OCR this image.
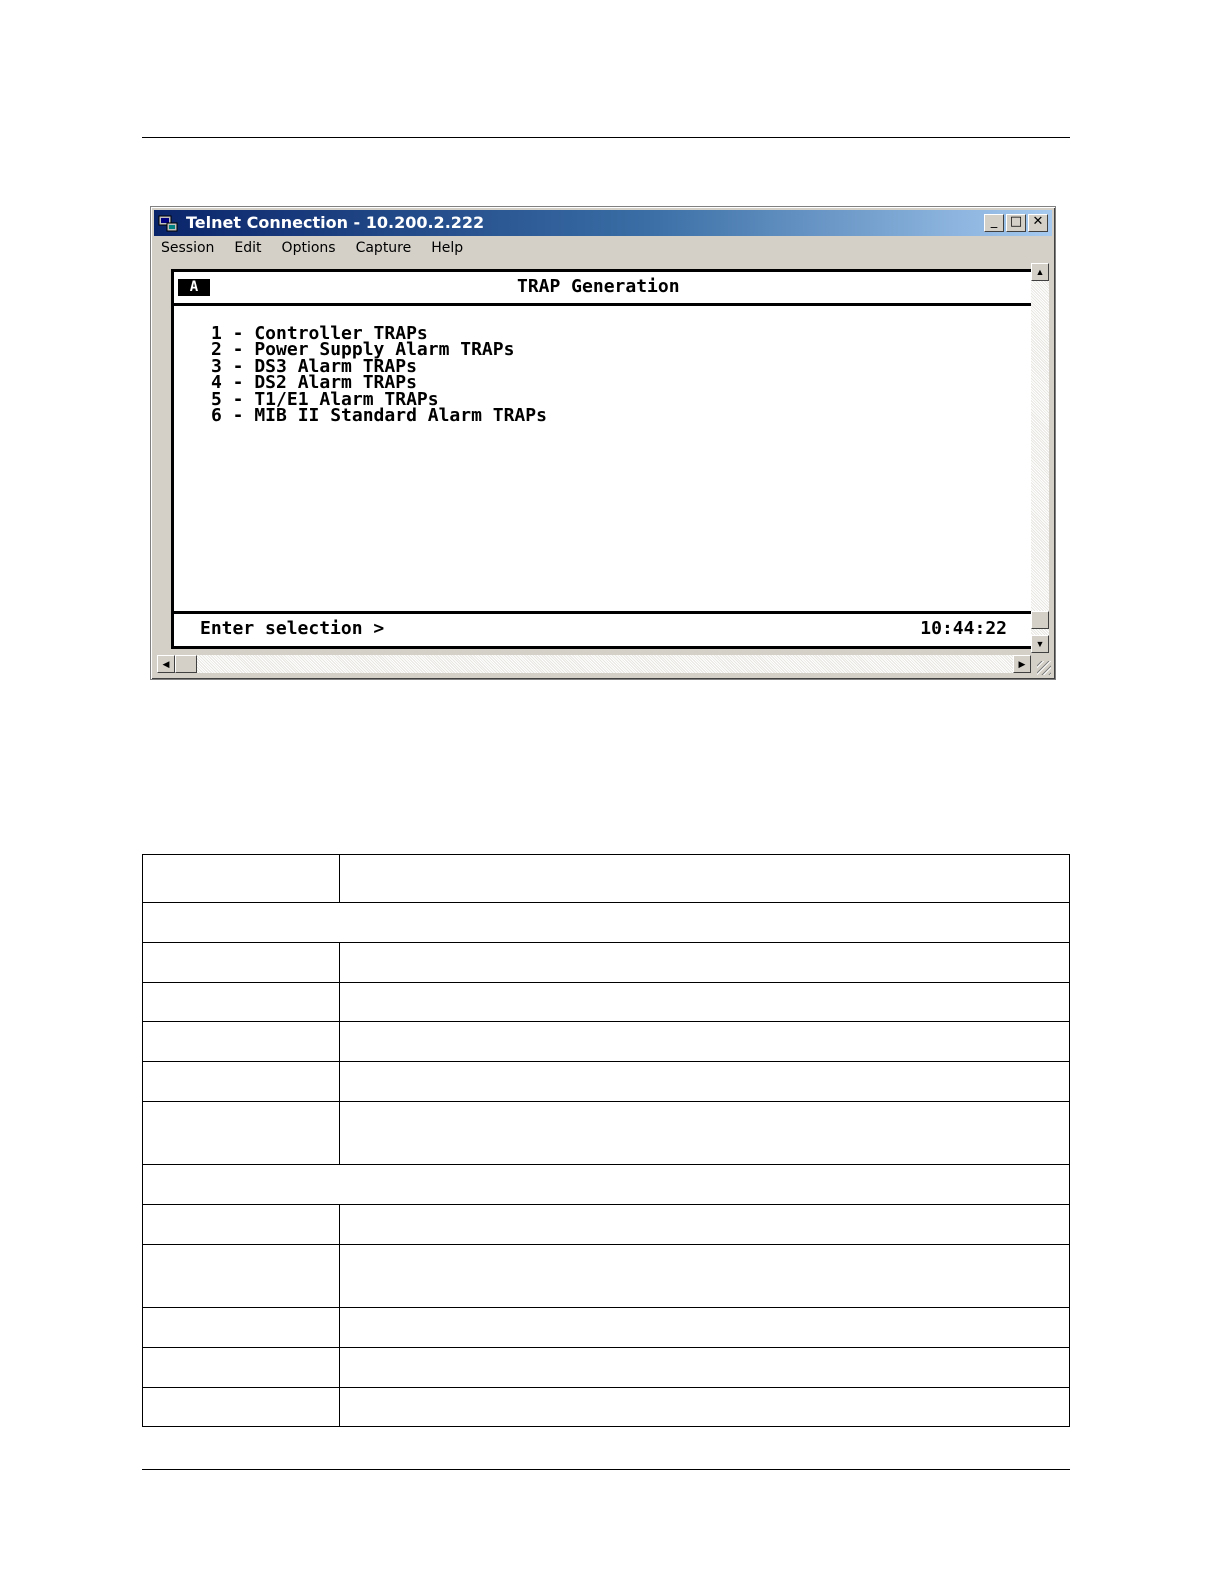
Telnet Connection - 10.200.2.222	_ □ ✕
Session Edit Options Capture Help
A	TRAP Generation
1 - Controller TRAPs
2 - Power Supply Alarm TRAPs
3 - DS3 Alarm TRAPs
4 - DS2 Alarm TRAPs
5 - T1/E1 Alarm TRAPs
6 - MIB II Standard Alarm TRAPs
Enter selection >	10:44:22
▲
▼
◀	▶
